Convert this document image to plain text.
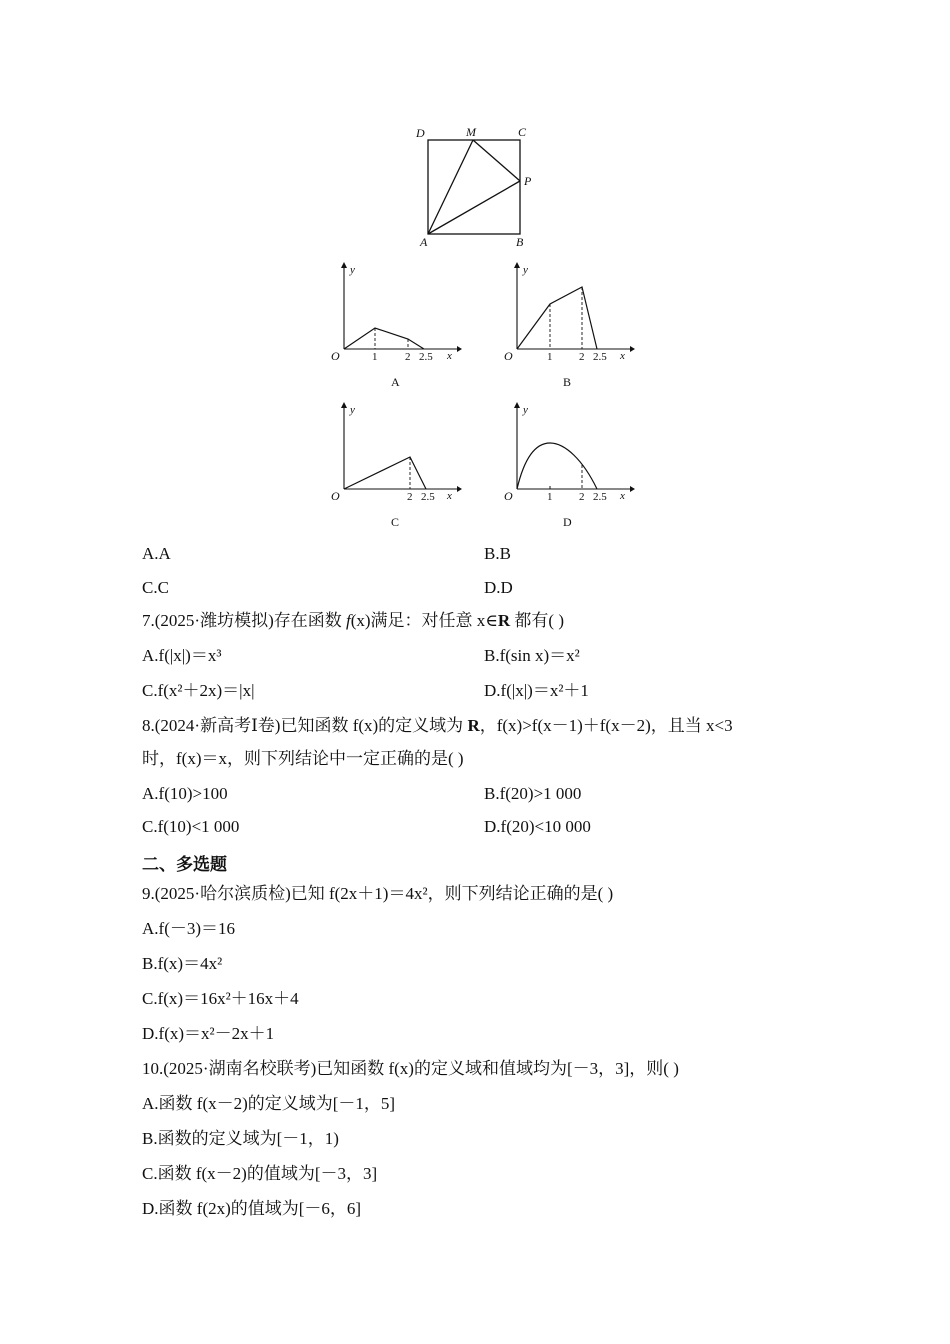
D	M	C
P
A	B
O
y
x
1	2 2.5
A
O
y
x
1 2 2.5
B
O
y
x
2 2.5
C
O
y
x
1 2 2.5
D
A.A	B.B
C.C	D.D
7.(2025·潍坊模拟)存在函数 f(x)满足：对任意 x∈R 都有( )
A.f(|x|)＝x³	B.f(sin x)＝x²
C.f(x²＋2x)＝|x|	D.f(|x|)＝x²＋1
8.(2024·新高考Ⅰ卷)已知函数 f(x)的定义域为 R，f(x)>f(x－1)＋f(x－2)，且当 x<3
时，f(x)＝x，则下列结论中一定正确的是( )
A.f(10)>100	B.f(20)>1 000
C.f(10)<1 000	D.f(20)<10 000
二、多选题
9.(2025·哈尔滨质检)已知 f(2x＋1)＝4x²，则下列结论正确的是( )
A.f(－3)＝16
B.f(x)＝4x²
C.f(x)＝16x²＋16x＋4
D.f(x)＝x²－2x＋1
10.(2025·湖南名校联考)已知函数 f(x)的定义域和值域均为[－3，3]，则( )
A.函数 f(x－2)的定义域为[－1，5]
B.函数的定义域为[－1，1)
C.函数 f(x－2)的值域为[－3，3]
D.函数 f(2x)的值域为[－6，6]
